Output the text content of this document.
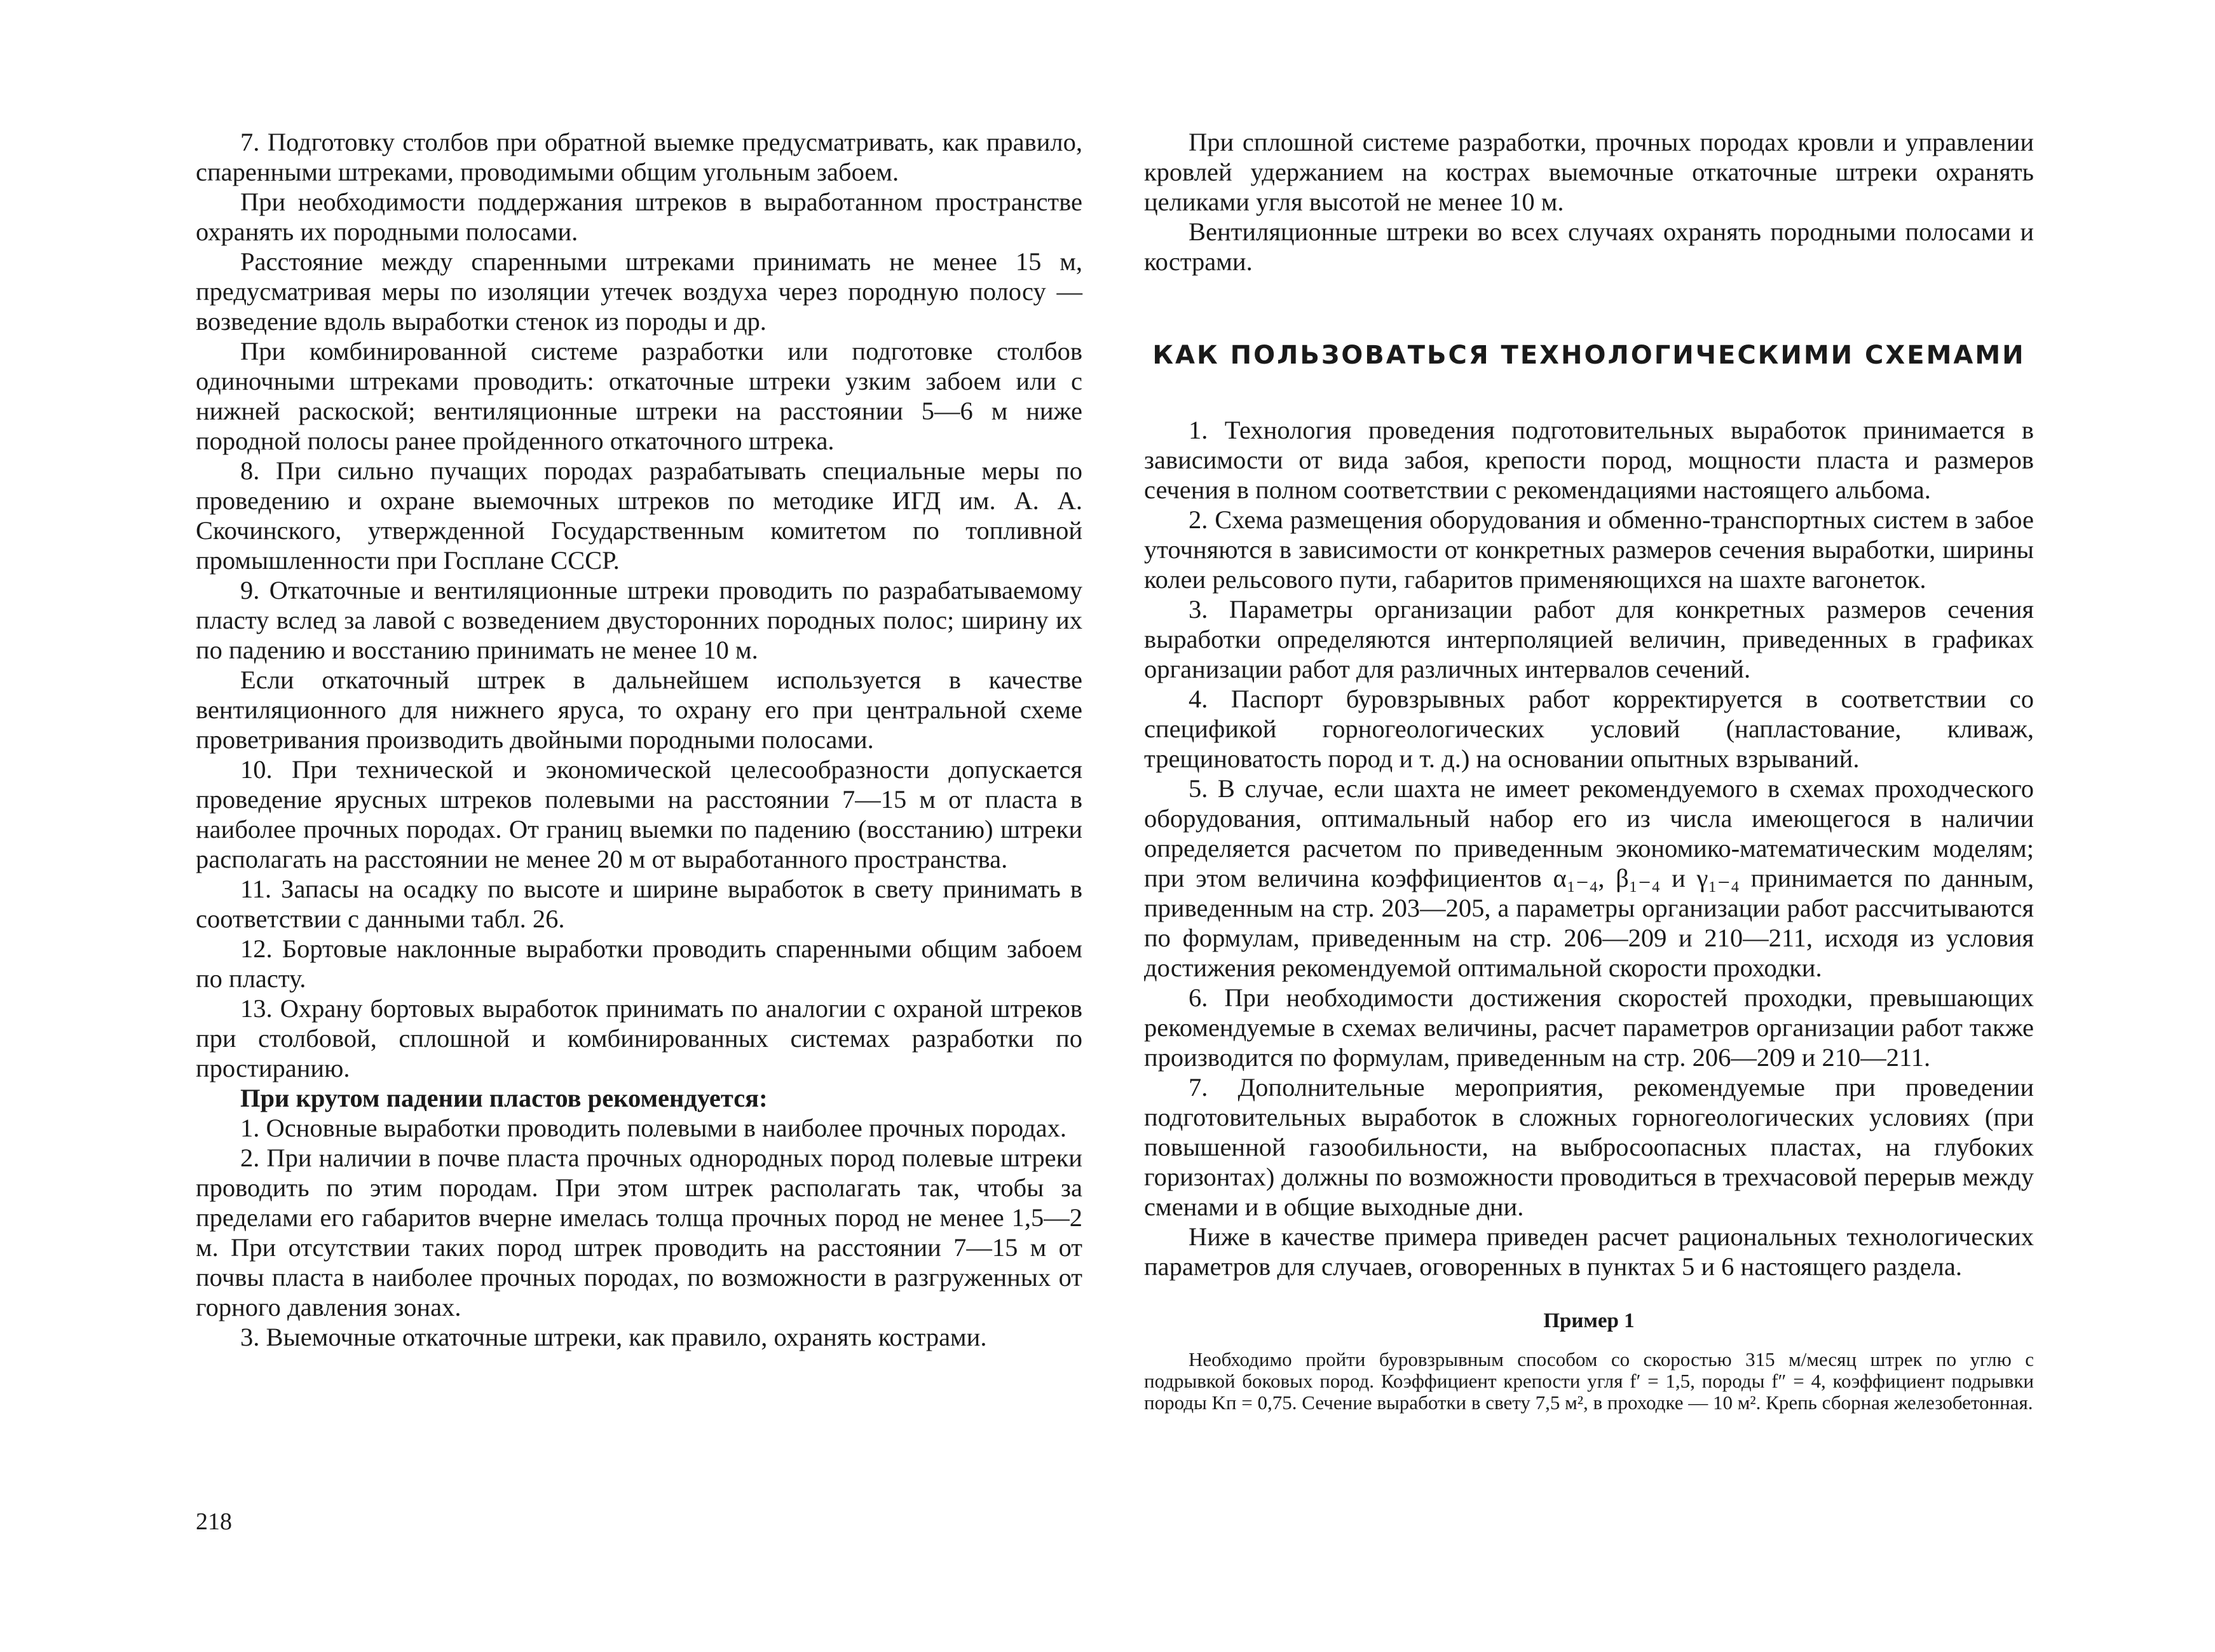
7. Подготовку столбов при обратной выемке предусматривать, как правило, спаренными штреками, проводимыми общим угольным забоем.

При необходимости поддержания штреков в выработанном пространстве охранять их породными полосами.

Расстояние между спаренными штреками принимать не менее 15 м, предусматривая меры по изоляции утечек воздуха через породную полосу — возведение вдоль выработки стенок из породы и др.

При комбинированной системе разработки или подготовке столбов одиночными штреками проводить: откаточные штреки узким забоем или с нижней раскоской; вентиляционные штреки на расстоянии 5—6 м ниже породной полосы ранее пройденного откаточного штрека.

8. При сильно пучащих породах разрабатывать специальные меры по проведению и охране выемочных штреков по методике ИГД им. А. А. Скочинского, утвержденной Государственным комитетом по топливной промышленности при Госплане СССР.

9. Откаточные и вентиляционные штреки проводить по разрабатываемому пласту вслед за лавой с возведением двусторонних породных полос; ширину их по падению и восстанию принимать не менее 10 м.

Если откаточный штрек в дальнейшем используется в качестве вентиляционного для нижнего яруса, то охрану его при центральной схеме проветривания производить двойными породными полосами.

10. При технической и экономической целесообразности допускается проведение ярусных штреков полевыми на расстоянии 7—15 м от пласта в наиболее прочных породах. От границ выемки по падению (восстанию) штреки располагать на расстоянии не менее 20 м от выработанного пространства.

11. Запасы на осадку по высоте и ширине выработок в свету принимать в соответствии с данными табл. 26.

12. Бортовые наклонные выработки проводить спаренными общим забоем по пласту.

13. Охрану бортовых выработок принимать по аналогии с охраной штреков при столбовой, сплошной и комбинированных системах разработки по простиранию.

При крутом падении пластов рекомендуется:

1. Основные выработки проводить полевыми в наиболее прочных породах.

2. При наличии в почве пласта прочных однородных пород полевые штреки проводить по этим породам. При этом штрек располагать так, чтобы за пределами его габаритов вчерне имелась толща прочных пород не менее 1,5—2 м. При отсутствии таких пород штрек проводить на расстоянии 7—15 м от почвы пласта в наиболее прочных породах, по возможности в разгруженных от горного давления зонах.

3. Выемочные откаточные штреки, как правило, охранять кострами.

При сплошной системе разработки, прочных породах кровли и управлении кровлей удержанием на кострах выемочные откаточные штреки охранять целиками угля высотой не менее 10 м.

Вентиляционные штреки во всех случаях охранять породными полосами и кострами.

КАК ПОЛЬЗОВАТЬСЯ ТЕХНОЛОГИЧЕСКИМИ СХЕМАМИ

1. Технология проведения подготовительных выработок принимается в зависимости от вида забоя, крепости пород, мощности пласта и размеров сечения в полном соответствии с рекомендациями настоящего альбома.

2. Схема размещения оборудования и обменно-транспортных систем в забое уточняются в зависимости от конкретных размеров сечения выработки, ширины колеи рельсового пути, габаритов применяющихся на шахте вагонеток.

3. Параметры организации работ для конкретных размеров сечения выработки определяются интерполяцией величин, приведенных в графиках организации работ для различных интервалов сечений.

4. Паспорт буровзрывных работ корректируется в соответствии со спецификой горногеологических условий (напластование, кливаж, трещиноватость пород и т. д.) на основании опытных взрываний.

5. В случае, если шахта не имеет рекомендуемого в схемах проходческого оборудования, оптимальный набор его из числа имеющегося в наличии определяется расчетом по приведенным экономико-математическим моделям; при этом величина коэффициентов α₁₋₄, β₁₋₄ и γ₁₋₄ принимается по данным, приведенным на стр. 203—205, а параметры организации работ рассчитываются по формулам, приведенным на стр. 206—209 и 210—211, исходя из условия достижения рекомендуемой оптимальной скорости проходки.

6. При необходимости достижения скоростей проходки, превышающих рекомендуемые в схемах величины, расчет параметров организации работ также производится по формулам, приведенным на стр. 206—209 и 210—211.

7. Дополнительные мероприятия, рекомендуемые при проведении подготовительных выработок в сложных горногеологических условиях (при повышенной газообильности, на выбросоопасных пластах, на глубоких горизонтах) должны по возможности проводиться в трехчасовой перерыв между сменами и в общие выходные дни.

Ниже в качестве примера приведен расчет рациональных технологических параметров для случаев, оговоренных в пунктах 5 и 6 настоящего раздела.

Пример 1

Необходимо пройти буровзрывным способом со скоростью 315 м/месяц штрек по углю с подрывкой боковых пород. Коэффициент крепости угля f′ = 1,5, породы f″ = 4, коэффициент подрывки породы Kп = 0,75. Сечение выработки в свету 7,5 м², в проходке — 10 м². Крепь сборная железобетонная.

218
